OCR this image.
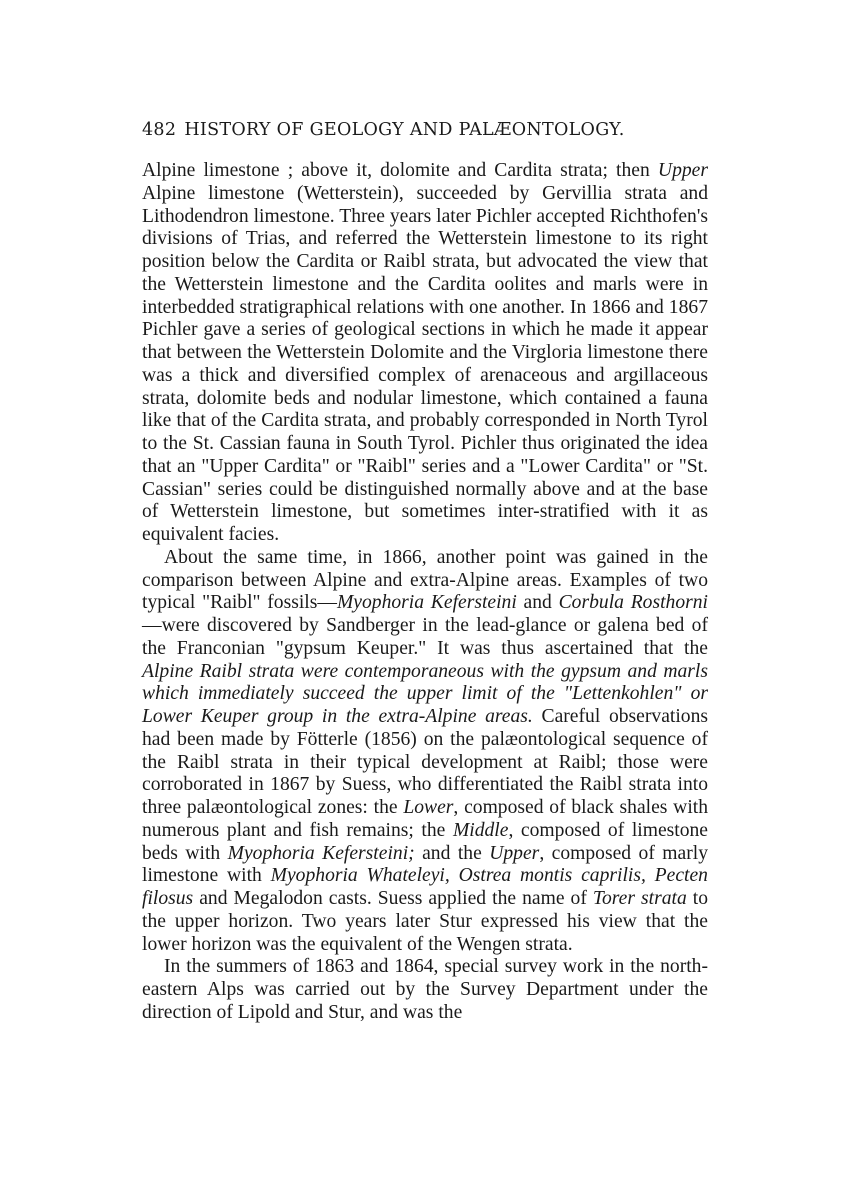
482 HISTORY OF GEOLOGY AND PALÆONTOLOGY.

Alpine limestone ; above it, dolomite and Cardita strata; then Upper Alpine limestone (Wetterstein), succeeded by Gervillia strata and Lithodendron limestone. Three years later Pichler accepted Richthofen's divisions of Trias, and referred the Wetterstein limestone to its right position below the Cardita or Raibl strata, but advocated the view that the Wetterstein limestone and the Cardita oolites and marls were in interbedded stratigraphical relations with one another. In 1866 and 1867 Pichler gave a series of geological sections in which he made it appear that between the Wetterstein Dolomite and the Virgloria limestone there was a thick and diversified complex of arenaceous and argillaceous strata, dolomite beds and nodular limestone, which contained a fauna like that of the Cardita strata, and probably corresponded in North Tyrol to the St. Cassian fauna in South Tyrol. Pichler thus originated the idea that an "Upper Cardita" or "Raibl" series and a "Lower Cardita" or "St. Cassian" series could be distinguished normally above and at the base of Wetterstein limestone, but sometimes inter-stratified with it as equivalent facies.

About the same time, in 1866, another point was gained in the comparison between Alpine and extra-Alpine areas. Examples of two typical "Raibl" fossils—Myophoria Kefersteini and Corbula Rosthorni—were discovered by Sandberger in the lead-glance or galena bed of the Franconian "gypsum Keuper." It was thus ascertained that the Alpine Raibl strata were contemporaneous with the gypsum and marls which immediately succeed the upper limit of the "Lettenkohlen" or Lower Keuper group in the extra-Alpine areas. Careful observations had been made by Fötterle (1856) on the palæontological sequence of the Raibl strata in their typical development at Raibl; those were corroborated in 1867 by Suess, who differentiated the Raibl strata into three palæontological zones: the Lower, composed of black shales with numerous plant and fish remains; the Middle, composed of limestone beds with Myophoria Kefersteini; and the Upper, composed of marly limestone with Myophoria Whateleyi, Ostrea montis caprilis, Pecten filosus and Megalodon casts. Suess applied the name of Torer strata to the upper horizon. Two years later Stur expressed his view that the lower horizon was the equivalent of the Wengen strata.

In the summers of 1863 and 1864, special survey work in the north-eastern Alps was carried out by the Survey Department under the direction of Lipold and Stur, and was the
